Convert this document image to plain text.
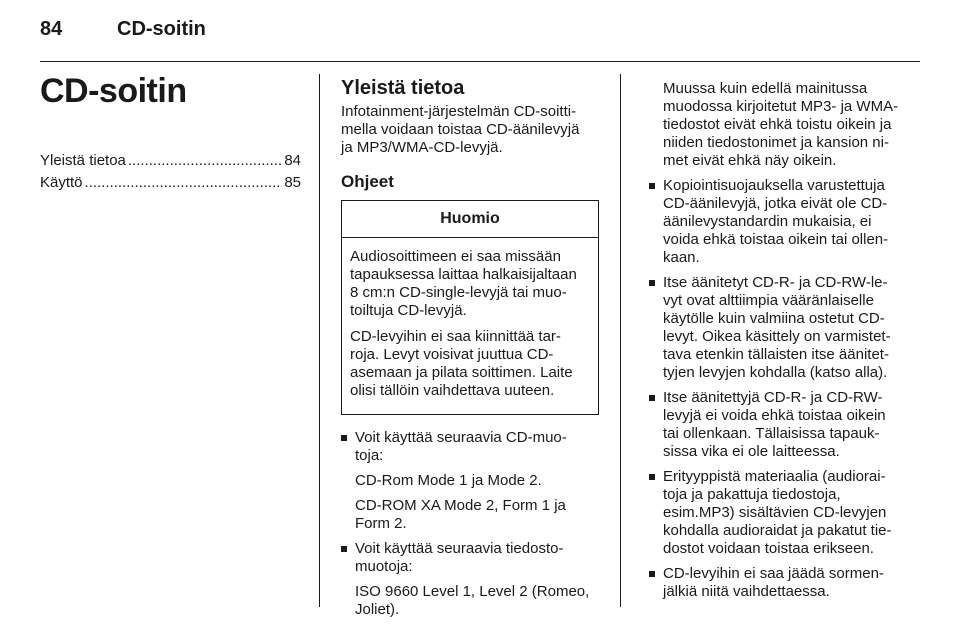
84	CD-soitin
CD-soitin
Yleistä tietoa .....	84
Käyttö .....	85
Yleistä tietoa

Infotainment-järjestelmän CD-soitti-
mella voidaan toistaa CD-äänilevyjä
ja MP3/WMA-CD-levyjä.

Ohjeet
Huomio

Audiosoittimeen ei saa missään
tapauksessa laittaa halkaisijaltaan
8 cm:n CD-single-levyjä tai muo-
toiltuja CD-levyjä.

CD-levyihin ei saa kiinnittää tar-
roja. Levyt voisivat juuttua CD-
asemaan ja pilata soittimen. Laite
olisi tällöin vaihdettava uuteen.

Voit käyttää seuraavia CD-muo-
toja:

CD-Rom Mode 1 ja Mode 2.

CD-ROM XA Mode 2, Form 1 ja
Form 2.

Voit käyttää seuraavia tiedosto-
muotoja:

ISO 9660 Level 1, Level 2 (Romeo,
Joliet).

Muussa kuin edellä mainitussa
muodossa kirjoitetut MP3- ja WMA-
tiedostot eivät ehkä toistu oikein ja
niiden tiedostonimet ja kansion ni-
met eivät ehkä näy oikein.

Kopiointisuojauksella varustettuja
CD-äänilevyjä, jotka eivät ole CD-
äänilevystandardin mukaisia, ei
voida ehkä toistaa oikein tai ollen-
kaan.
Itse äänitetyt CD-R- ja CD-RW-le-
vyt ovat alttiimpia vääränlaiselle
käytölle kuin valmiina ostetut CD-
levyt. Oikea käsittely on varmistet-
tava etenkin tällaisten itse äänitet-
tyjen levyjen kohdalla (katso alla).
Itse äänitettyjä CD-R- ja CD-RW-
levyjä ei voida ehkä toistaa oikein
tai ollenkaan. Tällaisissa tapauk-
sissa vika ei ole laitteessa.
Erityyppistä materiaalia (audiorai-
toja ja pakattuja tiedostoja,
esim.MP3) sisältävien CD-levyjen
kohdalla audioraidat ja pakatut tie-
dostot voidaan toistaa erikseen.
CD-levyihin ei saa jäädä sormen-
jälkiä niitä vaihdettaessa.
